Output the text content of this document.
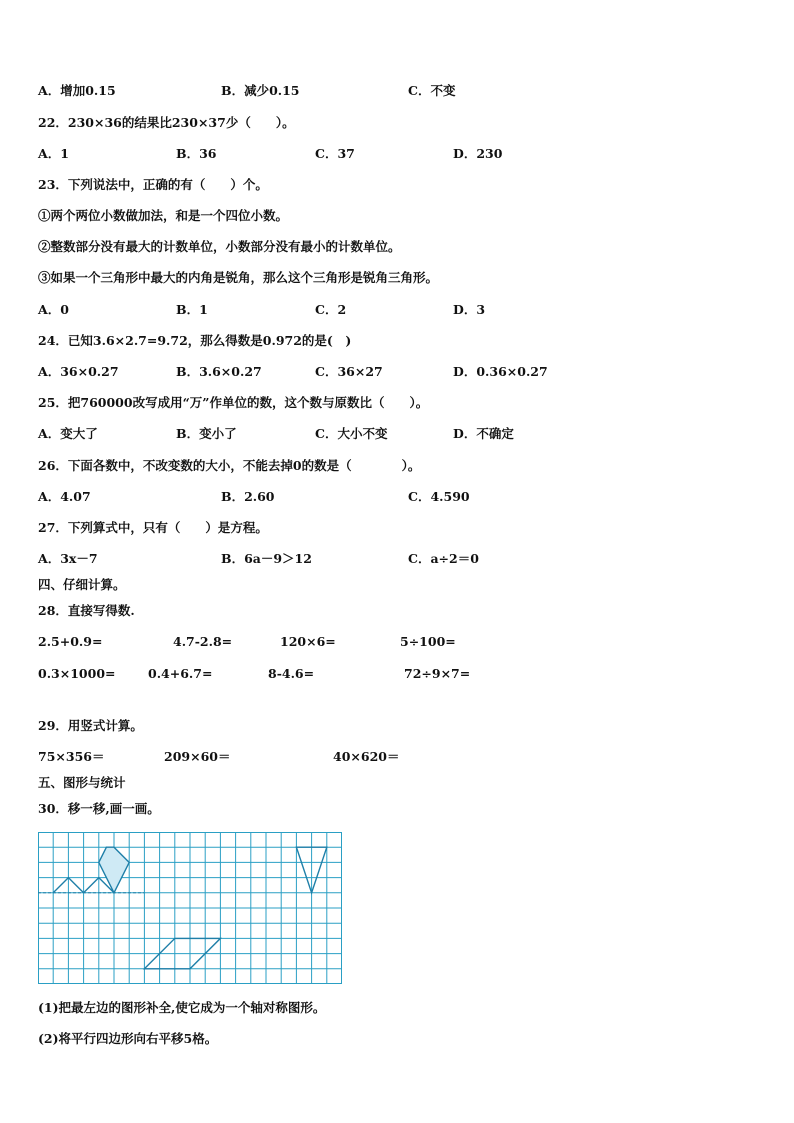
A．增加0.15	B．减少0.15	C．不变
22．230×36的结果比230×37少（　　）。
A．1	B．36	C．37	D．230
23．下列说法中，正确的有（　　）个。
①两个两位小数做加法，和是一个四位小数。
②整数部分没有最大的计数单位，小数部分没有最小的计数单位。
③如果一个三角形中最大的内角是锐角，那么这个三角形是锐角三角形。
A．0	B．1	C．2	D．3
24．已知3.6×2.7=9.72，那么得数是0.972的是(　)
A．36×0.27	B．3.6×0.27	C．36×27	D．0.36×0.27
25．把760000改写成用“万”作单位的数，这个数与原数比（　　）。
A．变大了	B．变小了	C．大小不变	D．不确定
26．下面各数中，不改变数的大小，不能去掉0的数是（　　　　）。
A．4.07	B．2.60	C．4.590
27．下列算式中，只有（　　）是方程。
A．3x－7	B．6a－9＞12	C．a÷2＝0
四、仔细计算。
28．直接写得数.
2.5+0.9=	4.7-2.8=	120×6=	5÷100=
0.3×1000=	0.4+6.7=	8-4.6=	72÷9×7=
29．用竖式计算。
75×356＝	209×60＝	40×620＝
五、图形与统计
30．移一移,画一画。
(1)把最左边的图形补全,使它成为一个轴对称图形。
(2)将平行四边形向右平移5格。
